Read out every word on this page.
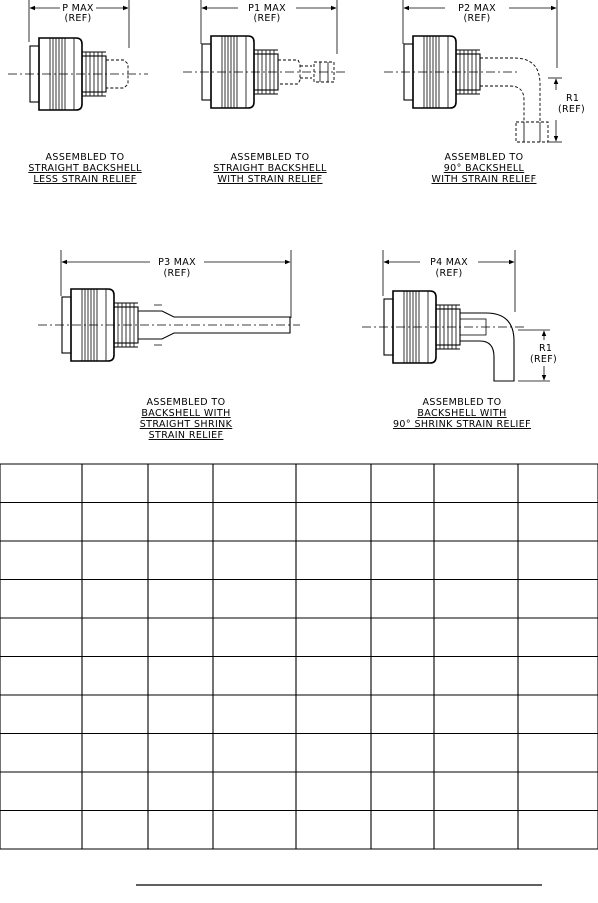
P MAX
(REF)
ASSEMBLED TO
STRAIGHT BACKSHELL
LESS STRAIN RELIEF
P1 MAX
(REF)
ASSEMBLED TO
STRAIGHT BACKSHELL
WITH STRAIN RELIEF
P2 MAX
(REF)
R1
(REF)
ASSEMBLED TO
90° BACKSHELL
WITH STRAIN RELIEF
P3 MAX
(REF)
ASSEMBLED TO
BACKSHELL WITH
STRAIGHT SHRINK
STRAIN RELIEF
P4 MAX
(REF)
R1
(REF)
ASSEMBLED TO
BACKSHELL WITH
90° SHRINK STRAIN RELIEF
